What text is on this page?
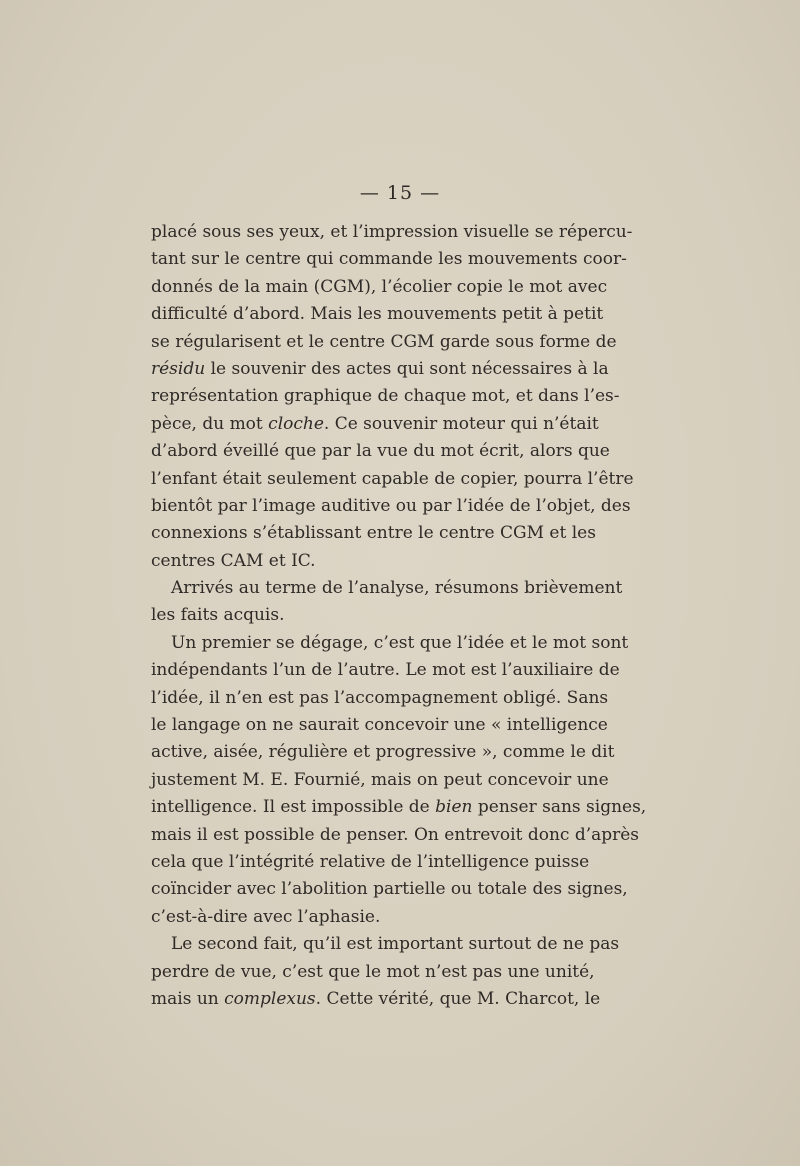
— 15 —
placé sous ses yeux, et l’impression visuelle se répercu-
tant sur le centre qui commande les mouvements coor-
donnés de la main (CGM), l’écolier copie le mot avec
difficulté d’abord. Mais les mouvements petit à petit
se régularisent et le centre CGM garde sous forme de
résidu le souvenir des actes qui sont nécessaires à la
représentation graphique de chaque mot, et dans l’es-
pèce, du mot cloche. Ce souvenir moteur qui n’était
d’abord éveillé que par la vue du mot écrit, alors que
l’enfant était seulement capable de copier, pourra l’être
bientôt par l’image auditive ou par l’idée de l’objet, des
connexions s’établissant entre le centre CGM et les
centres CAM et IC.
Arrivés au terme de l’analyse, résumons brièvement
les faits acquis.
Un premier se dégage, c’est que l’idée et le mot sont
indépendants l’un de l’autre. Le mot est l’auxiliaire de
l’idée, il n’en est pas l’accompagnement obligé. Sans
le langage on ne saurait concevoir une « intelligence
active, aisée, régulière et progressive », comme le dit
justement M. E. Fournié, mais on peut concevoir une
intelligence. Il est impossible de bien penser sans signes,
mais il est possible de penser. On entrevoit donc d’après
cela que l’intégrité relative de l’intelligence puisse
coïncider avec l’abolition partielle ou totale des signes,
c’est-à-dire avec l’aphasie.
Le second fait, qu’il est important surtout de ne pas
perdre de vue, c’est que le mot n’est pas une unité,
mais un complexus. Cette vérité, que M. Charcot, le
